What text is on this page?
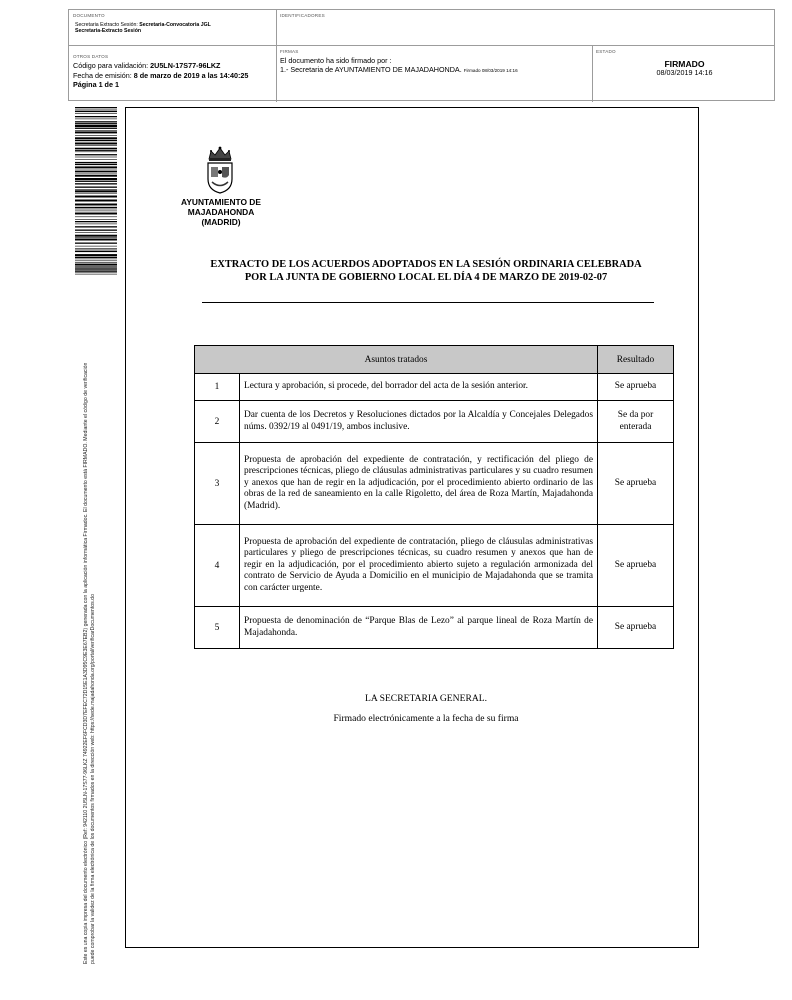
DOCUMENTO
Secretaria Extracto Sesión: Secretaria-Convocatoria JGL
Secretaria-Extracto Sesión
IDENTIFICADORES
OTROS DATOS
Código para validación: 2U5LN-17S77-96LKZ
Fecha de emisión: 8 de marzo de 2019 a las 14:40:25
Página 1 de 1
FIRMAS
El documento ha sido firmado por :
1.- Secretaria de AYUNTAMIENTO DE MAJADAHONDA. Firmado 08/03/2019 14:16
ESTADO
FIRMADO
08/03/2019 14:16
Este es una copia impresa del documento electrónico (Ref: 942110 2U5LN-17S77-96LKZ 74922EF6FCD3D7EFEC72D15E1A3D95C9E3E67EB2) generada con la aplicación informática Firmadoc. El documento está FIRMADO. Mediante el código de verificación puede comprobar la validez de la firma electrónica de los documentos firmados en la dirección web: https://sede.majadahonda.org/portal/verificarDocumentos.do
AYUNTAMIENTO DE
MAJADAHONDA
(MADRID)
EXTRACTO DE LOS ACUERDOS ADOPTADOS EN LA SESIÓN ORDINARIA CELEBRADA
POR LA JUNTA DE GOBIERNO LOCAL EL DÍA 4 DE MARZO DE 2019-02-07
Asuntos tratados		Resultado
1	Lectura y aprobación, si procede, del borrador del acta de la sesión anterior.	Se aprueba
2	Dar cuenta de los Decretos y Resoluciones dictados por la Alcaldía y Concejales Delegados núms. 0392/19 al 0491/19, ambos inclusive.	Se da por enterada

3	Propuesta de aprobación del expediente de contratación, y rectificación del pliego de prescripciones técnicas, pliego de cláusulas administrativas particulares y su cuadro resumen y anexos que han de regir en la adjudicación, por el procedimiento abierto ordinario de las obras de la red de saneamiento en la calle Rigoletto, del área de Roza Martín, Majadahonda (Madrid).	Se aprueba
4	Propuesta de aprobación del expediente de contratación, pliego de cláusulas administrativas particulares y pliego de prescripciones técnicas, su cuadro resumen y anexos que han de regir en la adjudicación, por el procedimiento abierto sujeto a regulación armonizada del contrato de Servicio de Ayuda a Domicilio en el municipio de Majadahonda que se tramita con carácter urgente.	Se aprueba
5	Propuesta de denominación de “Parque Blas de Lezo” al parque lineal de Roza Martín de Majadahonda.	Se aprueba
LA SECRETARIA GENERAL.
Firmado electrónicamente a la fecha de su firma
